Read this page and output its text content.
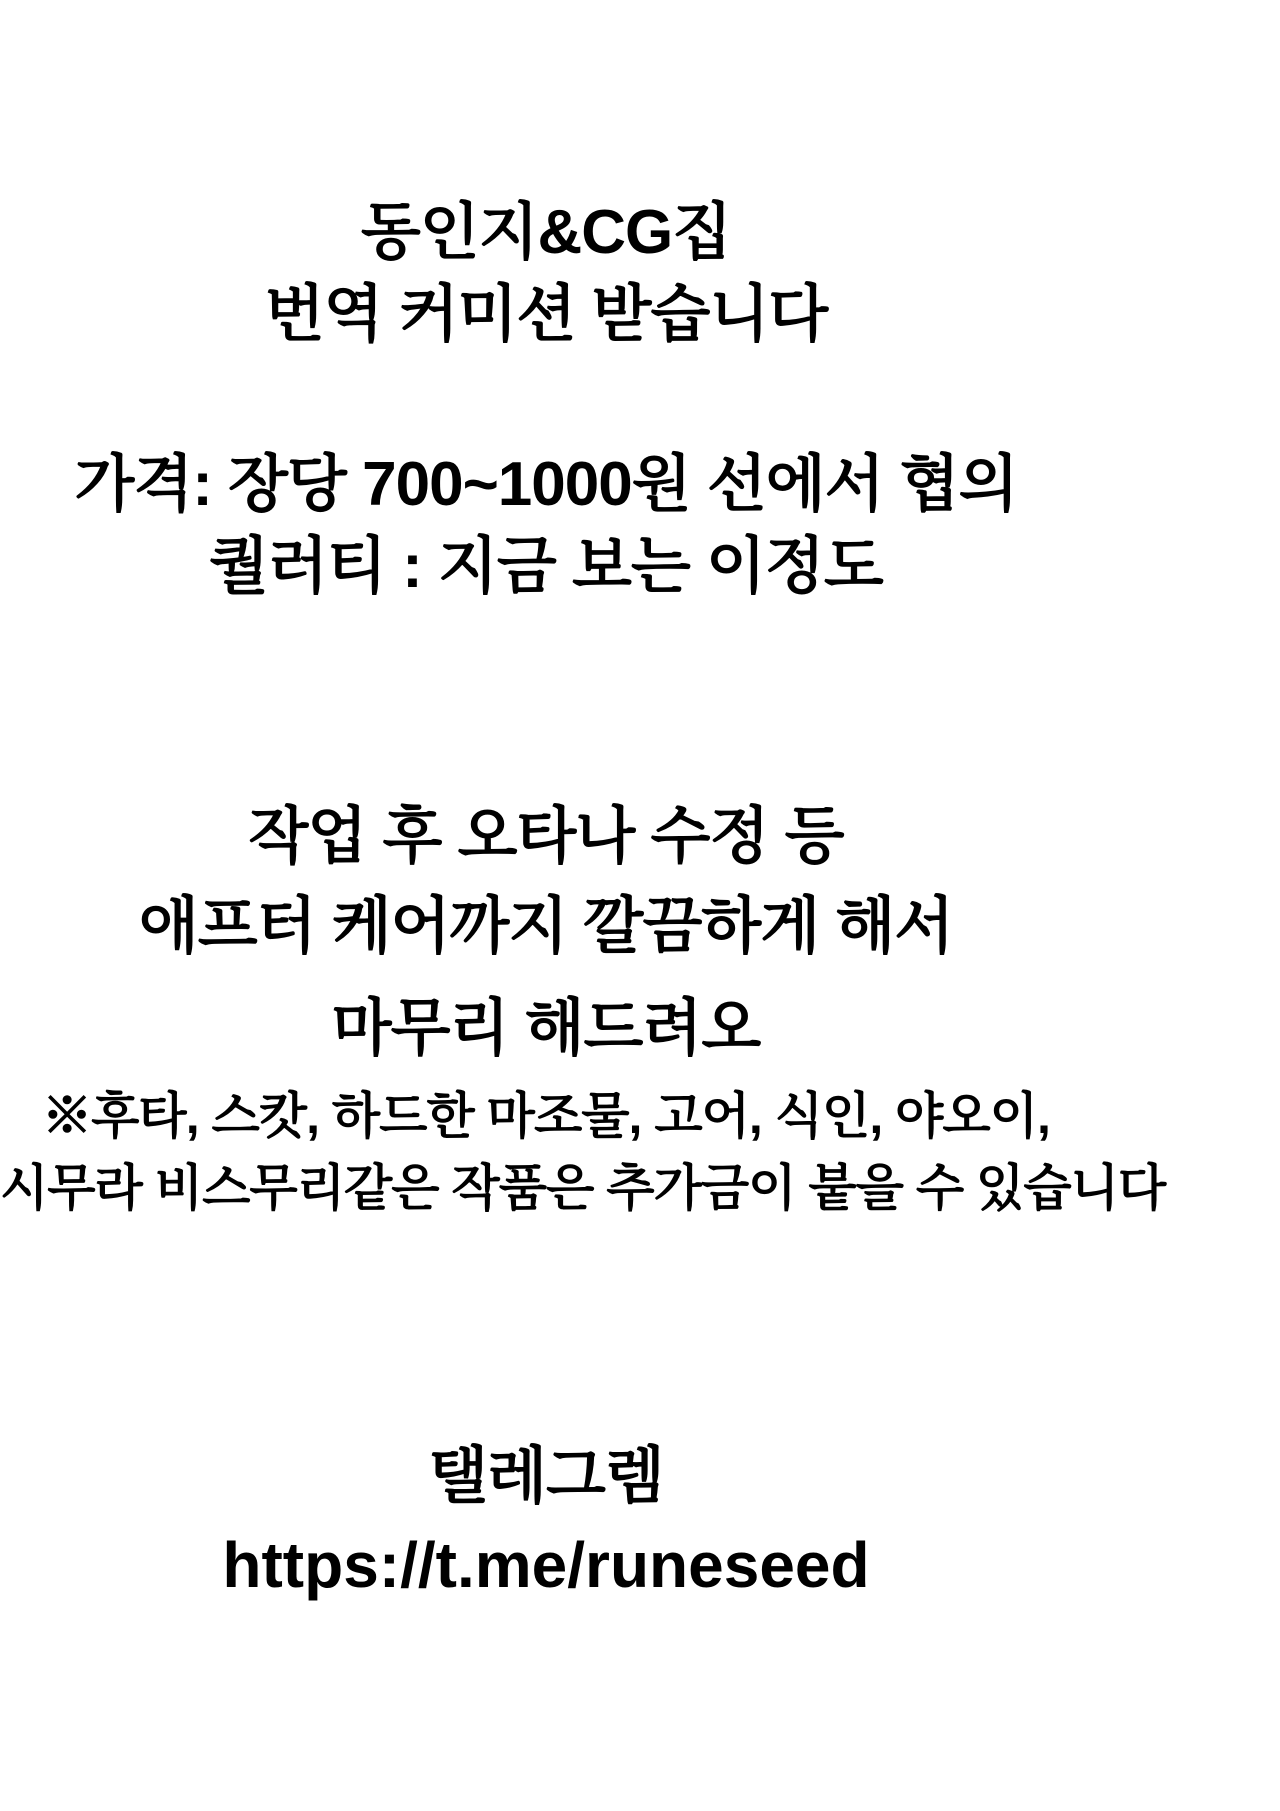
동인지&CG집
번역 커미션 받습니다
가격: 장당 700~1000원 선에서 협의
퀄러티 : 지금 보는 이정도
작업 후 오타나 수정 등
애프터 케어까지 깔끔하게 해서
마무리 해드려오
※후타, 스캇, 하드한 마조물, 고어, 식인, 야오이,
시무라 비스무리같은 작품은 추가금이 붙을 수 있습니다
탤레그렘
https://t.me/runeseed
